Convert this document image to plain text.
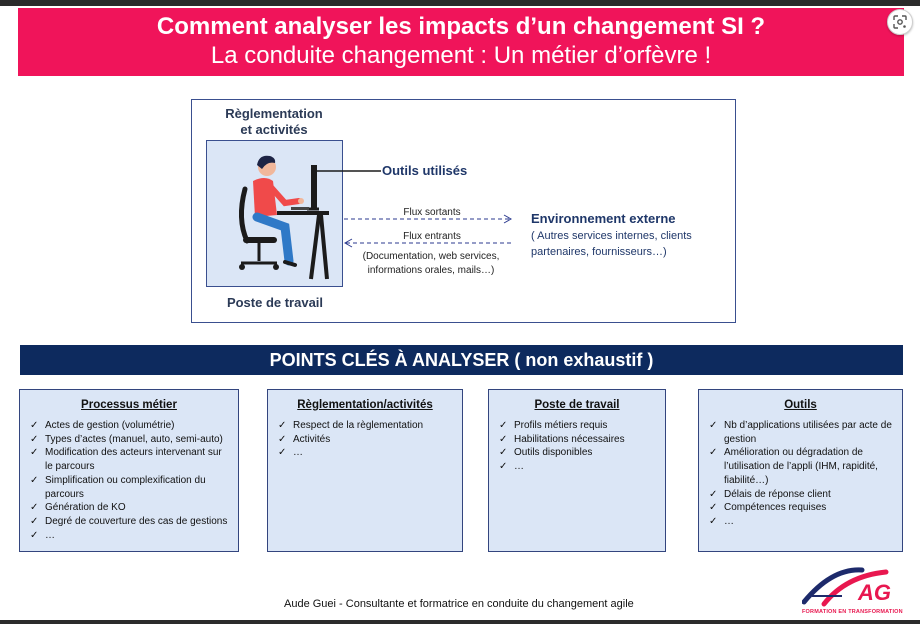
Comment analyser les impacts d’un changement SI ?
La conduite changement : Un métier d’orfèvre !
Règlementation
et activités
Outils utilisés
Flux sortants
Flux entrants
(Documentation, web services,
informations orales, mails…)
Environnement externe
( Autres services internes, clients
partenaires, fournisseurs…)
Poste de travail
POINTS CLÉS À ANALYSER ( non exhaustif )
Processus métier
✓ Actes de gestion (volumétrie)
✓ Types d’actes (manuel, auto, semi-auto)
✓ Modification des acteurs intervenant sur le parcours
✓ Simplification ou complexification du parcours
✓ Génération de KO
✓ Degré de couverture des cas de gestions
✓ …
Règlementation/activités
✓ Respect de la règlementation
✓ Activités
✓ …
Poste de travail
✓ Profils métiers requis
✓ Habilitations nécessaires
✓ Outils disponibles
✓ …
Outils
✓ Nb d’applications utilisées par acte de gestion
✓ Amélioration ou dégradation de l’utilisation de l’appli (IHM, rapidité, fiabilité…)
✓ Délais de réponse client
✓ Compétences requises
✓ …
Aude Guei - Consultante et formatrice en conduite du changement agile	AG
FORMATION EN TRANSFORMATION
